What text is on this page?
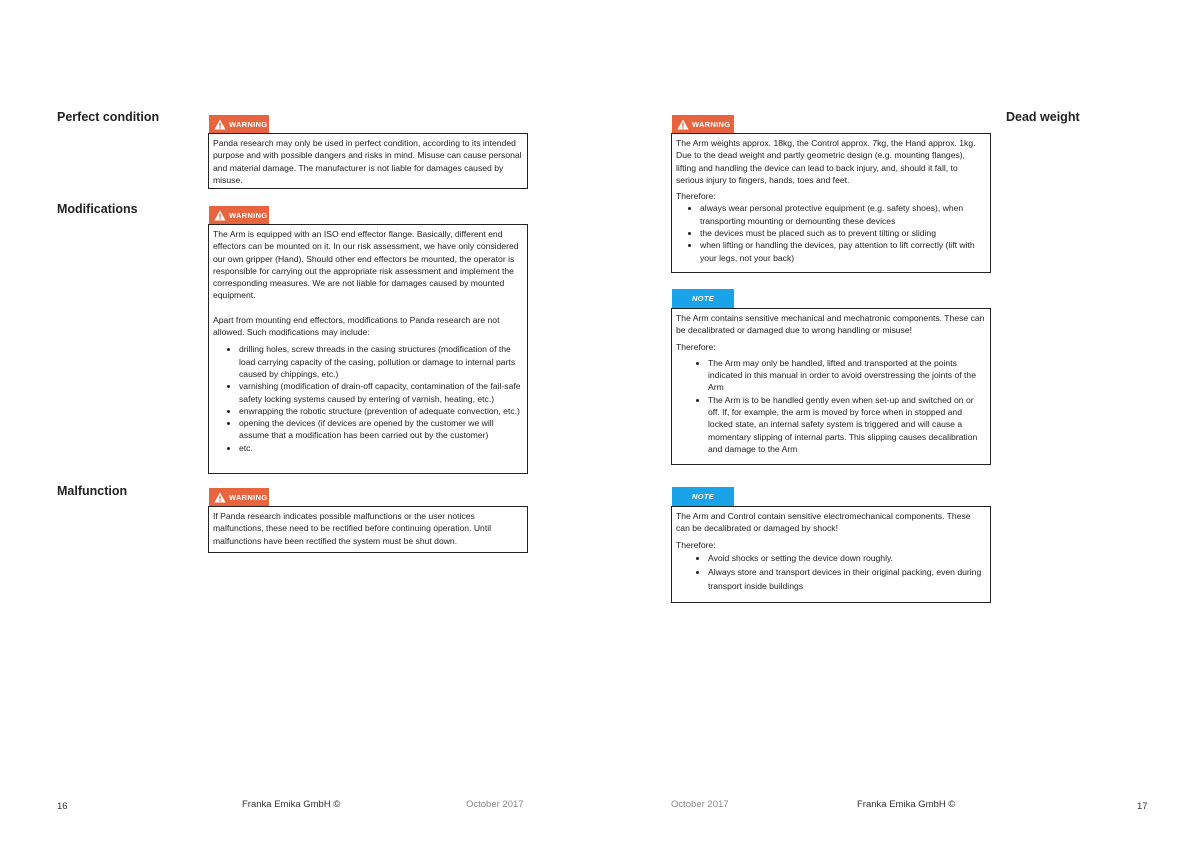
Perfect condition
WARNING

Panda research may only be used in perfect condition, according to its intended purpose and with possible dangers and risks in mind. Misuse can cause personal and material damage. The manufacturer is not liable for damages caused by misuse.

Modifications	WARNING

The Arm is equipped with an ISO end effector flange. Basically, different end effectors can be mounted on it. In our risk assessment, we have only considered our own gripper (Hand). Should other end effectors be mounted, the operator is responsible for carrying out the appropriate risk assessment and implement the corresponding measures. We are not liable for damages caused by mounted equipment.

Apart from mounting end effectors, modifications to Panda research are not allowed. Such modifications may include:

• drilling holes, screw threads in the casing structures (modification of the load carrying capacity of the casing, pollution or damage to internal parts caused by chippings, etc.)
• varnishing (modification of drain-off capacity, contamination of the fail-safe safety locking systems caused by entering of varnish, heating, etc.)
• enwrapping the robotic structure (prevention of adequate convection, etc.)
• opening the devices (if devices are opened by the customer we will assume that a modification has been carried out by the customer)
• etc.
Malfunction	WARNING

If Panda research indicates possible malfunctions or the user notices malfunctions, these need to be rectified before continuing operation. Until malfunctions have been rectified the system must be shut down.

16	Franka Emika GmbH ©	October 2017
Dead weight
WARNING

The Arm weights approx. 18kg, the Control approx. 7kg, the Hand approx. 1kg. Due to the dead weight and partly geometric design (e.g. mounting flanges), lifting and handling the device can lead to back injury, and, should it fall, to serious injury to fingers, hands, toes and feet.

Therefore:

• always wear personal protective equipment (e.g. safety shoes), when transporting mounting or demounting these devices
• the devices must be placed such as to prevent tilting or sliding
• when lifting or handling the devices, pay attention to lift correctly (lift with your legs, not your back)
NOTE

The Arm contains sensitive mechanical and mechatronic components. These can be decalibrated or damaged due to wrong handling or misuse!

Therefore:

• The Arm may only be handled, lifted and transported at the points indicated in this manual in order to avoid overstressing the joints of the Arm
• The Arm is to be handled gently even when set-up and switched on or off. If, for example, the arm is moved by force when in stopped and locked state, an internal safety system is triggered and will cause a momentary slipping of internal parts. This slipping causes decalibration and damage to the Arm
NOTE

The Arm and Control contain sensitive electromechanical components. These can be decalibrated or damaged by shock!

Therefore:

• Avoid shocks or setting the device down roughly.
• Always store and transport devices in their original packing, even during transport inside buildings
October 2017	Franka Emika GmbH ©	17
